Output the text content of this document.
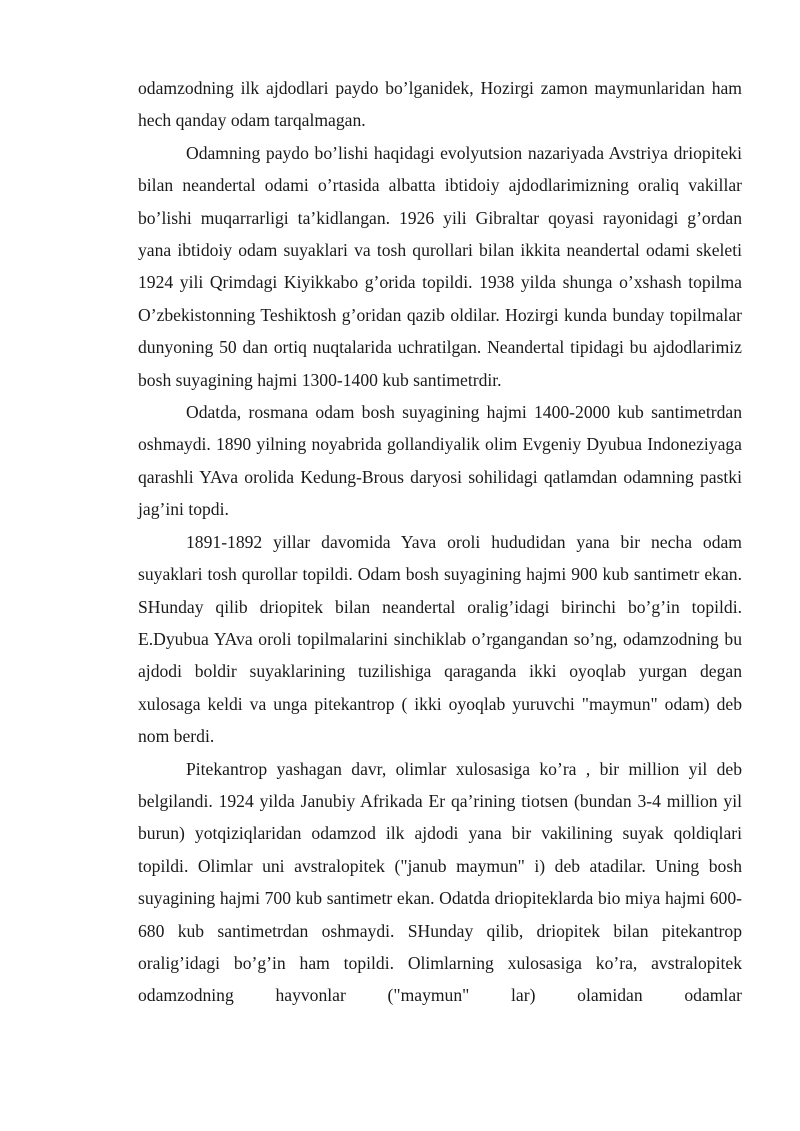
odamzodning ilk ajdodlari paydo bo’lganidek, Hozirgi zamon maymunlaridan ham hech qanday odam tarqalmagan.

Odamning paydo bo’lishi haqidagi evolyutsion nazariyada Avstriya driopiteki bilan neandertal odami o’rtasida albatta ibtidoiy ajdodlarimizning oraliq vakillar bo’lishi muqarrarligi ta’kidlangan. 1926 yili Gibraltar qoyasi rayonidagi g’ordan yana ibtidoiy odam suyaklari va tosh qurollari bilan ikkita neandertal odami skeleti 1924 yili Qrimdagi Kiyikkabo g’orida topildi. 1938 yilda shunga o’xshash topilma O’zbekistonning Teshiktosh g’oridan qazib oldilar. Hozirgi kunda bunday topilmalar dunyoning 50 dan ortiq nuqtalarida uchratilgan. Neandertal tipidagi bu ajdodlarimiz bosh suyagining hajmi 1300-1400 kub santimetrdir.

Odatda, rosmana odam bosh suyagining hajmi 1400-2000 kub santimetrdan oshmaydi. 1890 yilning noyabrida gollandiyalik olim Evgeniy Dyubua Indoneziyaga qarashli YAva orolida Kedung-Brous daryosi sohilidagi qatlamdan odamning pastki jag’ini topdi.

1891-1892 yillar davomida Yava oroli hududidan yana bir necha odam suyaklari tosh qurollar topildi. Odam bosh suyagining hajmi 900 kub santimetr ekan. SHunday qilib driopitek bilan neandertal oralig’idagi birinchi bo’g’in topildi. E.Dyubua YAva oroli topilmalarini sinchiklab o’rgangandan so’ng, odamzodning bu ajdodi boldir suyaklarining tuzilishiga qaraganda ikki oyoqlab yurgan degan xulosaga keldi va unga pitekantrop ( ikki oyoqlab yuruvchi "maymun" odam) deb nom berdi.

Pitekantrop yashagan davr, olimlar xulosasiga ko’ra , bir million yil deb belgilandi. 1924 yilda Janubiy Afrikada Er qa’rining tiotsen (bundan 3-4 million yil burun) yotqiziqlaridan odamzod ilk ajdodi yana bir vakilining suyak qoldiqlari topildi. Olimlar uni avstralopitek ("janub maymun" i) deb atadilar. Uning bosh suyagining hajmi 700 kub santimetr ekan. Odatda driopiteklarda bio miya hajmi 600-680 kub santimetrdan oshmaydi. SHunday qilib, driopitek bilan pitekantrop oralig’idagi bo’g’in ham topildi. Olimlarning xulosasiga ko’ra, avstralopitek odamzodning hayvonlar ("maymun" lar) olamidan odamlar
